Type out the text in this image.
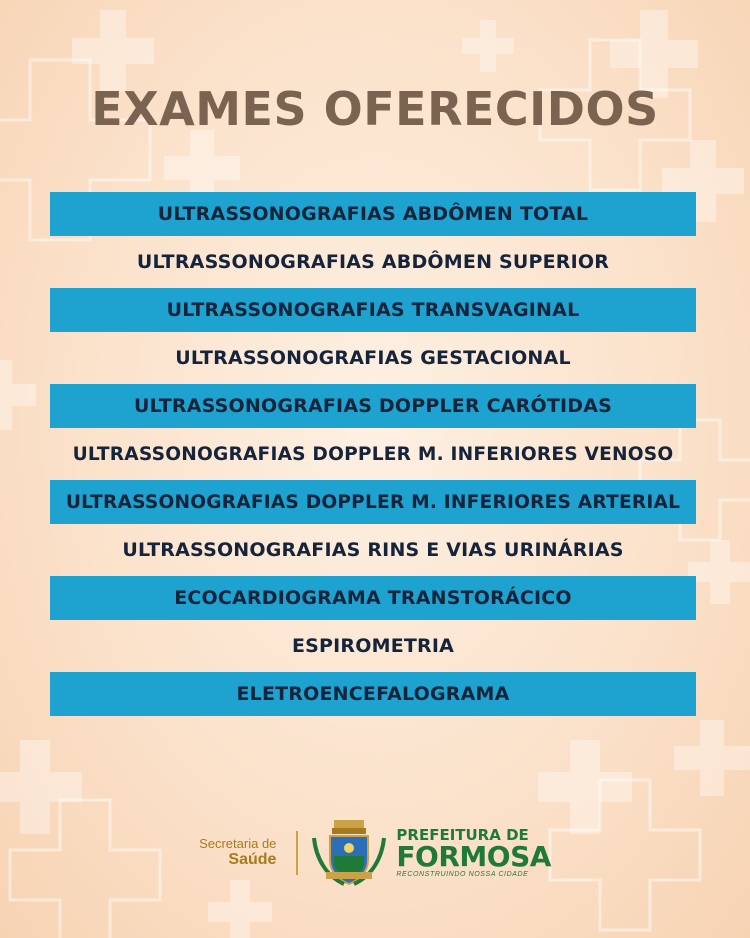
EXAMES OFERECIDOS
ULTRASSONOGRAFIAS ABDÔMEN TOTAL
ULTRASSONOGRAFIAS ABDÔMEN SUPERIOR
ULTRASSONOGRAFIAS TRANSVAGINAL
ULTRASSONOGRAFIAS GESTACIONAL
ULTRASSONOGRAFIAS DOPPLER CARÓTIDAS
ULTRASSONOGRAFIAS DOPPLER M. INFERIORES VENOSO
ULTRASSONOGRAFIAS DOPPLER M. INFERIORES ARTERIAL
ULTRASSONOGRAFIAS RINS E VIAS URINÁRIAS
ECOCARDIOGRAMA TRANSTORÁCICO
ESPIROMETRIA
ELETROENCEFALOGRAMA
Secretaria de
Saúde
PREFEITURA DE
FORMOSA
RECONSTRUINDO NOSSA CIDADE
